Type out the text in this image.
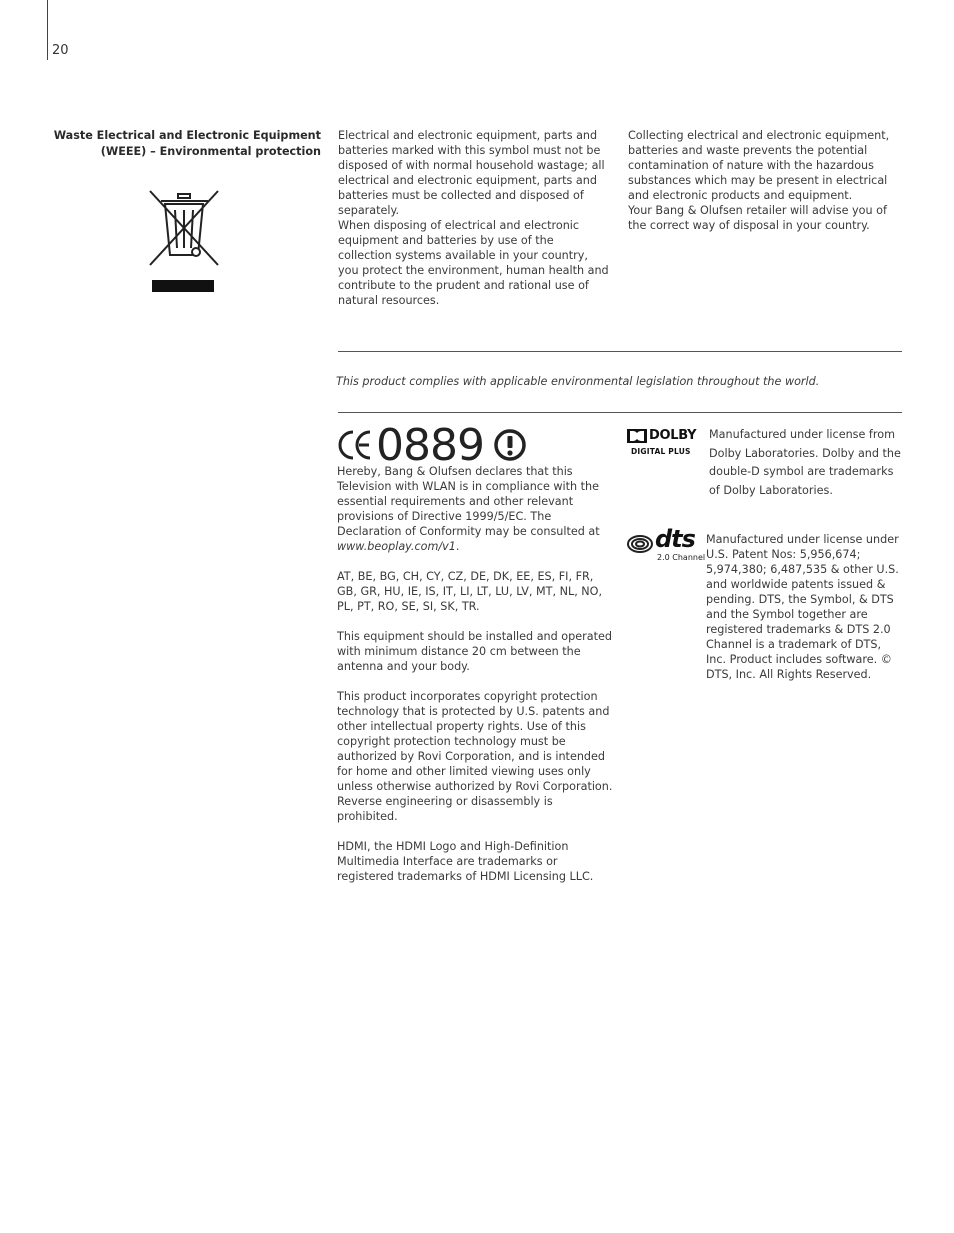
20
Waste Electrical and Electronic Equipment
(WEEE) – Environmental protection

Electrical and electronic equipment, parts and batteries marked with this symbol must not be disposed of with normal household wastage; all electrical and electronic equipment, parts and batteries must be collected and disposed of separately.

When disposing of electrical and electronic equipment and batteries by use of the collection systems available in your country, you protect the environment, human health and contribute to the prudent and rational use of natural resources.

Collecting electrical and electronic equipment, batteries and waste prevents the potential contamination of nature with the hazardous substances which may be present in electrical and electronic products and equipment.

Your Bang & Olufsen retailer will advise you of the correct way of disposal in your country.

This product complies with applicable environmental legislation throughout the world.
0889

Hereby, Bang & Olufsen declares that this Television with WLAN is in compliance with the essential requirements and other relevant provisions of Directive 1999/5/EC. The Declaration of Conformity may be consulted at www.beoplay.com/v1.

AT, BE, BG, CH, CY, CZ, DE, DK, EE, ES, FI, FR, GB, GR, HU, IE, IS, IT, LI, LT, LU, LV, MT, NL, NO, PL, PT, RO, SE, SI, SK, TR.

This equipment should be installed and operated with minimum distance 20 cm between the antenna and your body.

This product incorporates copyright protection technology that is protected by U.S. patents and other intellectual property rights. Use of this copyright protection technology must be authorized by Rovi Corporation, and is intended for home and other limited viewing uses only unless otherwise authorized by Rovi Corporation. Reverse engineering or disassembly is prohibited.

HDMI, the HDMI Logo and High-Definition Multimedia Interface are trademarks or registered trademarks of HDMI Licensing LLC.

DOLBY
DIGITAL PLUS
Manufactured under license from Dolby Laboratories. Dolby and the double-D symbol are trademarks of Dolby Laboratories.
dts
2.0 Channel
Manufactured under license under U.S. Patent Nos: 5,956,674; 5,974,380; 6,487,535 & other U.S. and worldwide patents issued & pending. DTS, the Symbol, & DTS and the Symbol together are registered trademarks & DTS 2.0 Channel is a trademark of DTS, Inc. Product includes software. © DTS, Inc. All Rights Reserved.
